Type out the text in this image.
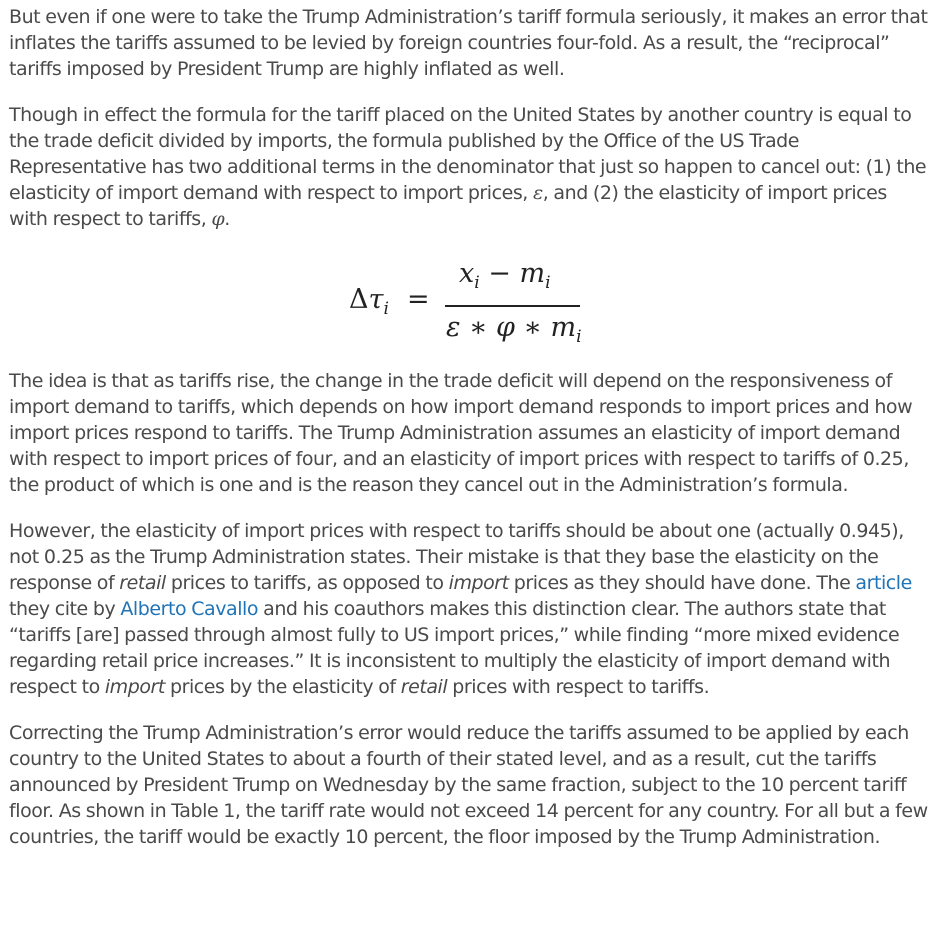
But even if one were to take the Trump Administration’s tariff formula seriously, it makes an error that inflates the tariffs assumed to be levied by foreign countries four-fold. As a result, the “reciprocal” tariffs imposed by President Trump are highly inflated as well.

Though in effect the formula for the tariff placed on the United States by another country is equal to the trade deficit divided by imports, the formula published by the Office of the US Trade Representative has two additional terms in the denominator that just so happen to cancel out: (1) the elasticity of import demand with respect to import prices, ε, and (2) the elasticity of import prices with respect to tariffs, φ.

$\Delta\tau_i$ =
$x_i - m_i$
ε ∗ φ ∗ $m_i$

The idea is that as tariffs rise, the change in the trade deficit will depend on the responsiveness of import demand to tariffs, which depends on how import demand responds to import prices and how import prices respond to tariffs. The Trump Administration assumes an elasticity of import demand with respect to import prices of four, and an elasticity of import prices with respect to tariffs of 0.25, the product of which is one and is the reason they cancel out in the Administration’s formula.

However, the elasticity of import prices with respect to tariffs should be about one (actually 0.945), not 0.25 as the Trump Administration states. Their mistake is that they base the elasticity on the response of retail prices to tariffs, as opposed to import prices as they should have done. The article they cite by Alberto Cavallo and his coauthors makes this distinction clear. The authors state that “tariffs [are] passed through almost fully to US import prices,” while finding “more mixed evidence regarding retail price increases.” It is inconsistent to multiply the elasticity of import demand with respect to import prices by the elasticity of retail prices with respect to tariffs.

Correcting the Trump Administration’s error would reduce the tariffs assumed to be applied by each country to the United States to about a fourth of their stated level, and as a result, cut the tariffs announced by President Trump on Wednesday by the same fraction, subject to the 10 percent tariff floor. As shown in Table 1, the tariff rate would not exceed 14 percent for any country. For all but a few countries, the tariff would be exactly 10 percent, the floor imposed by the Trump Administration.
